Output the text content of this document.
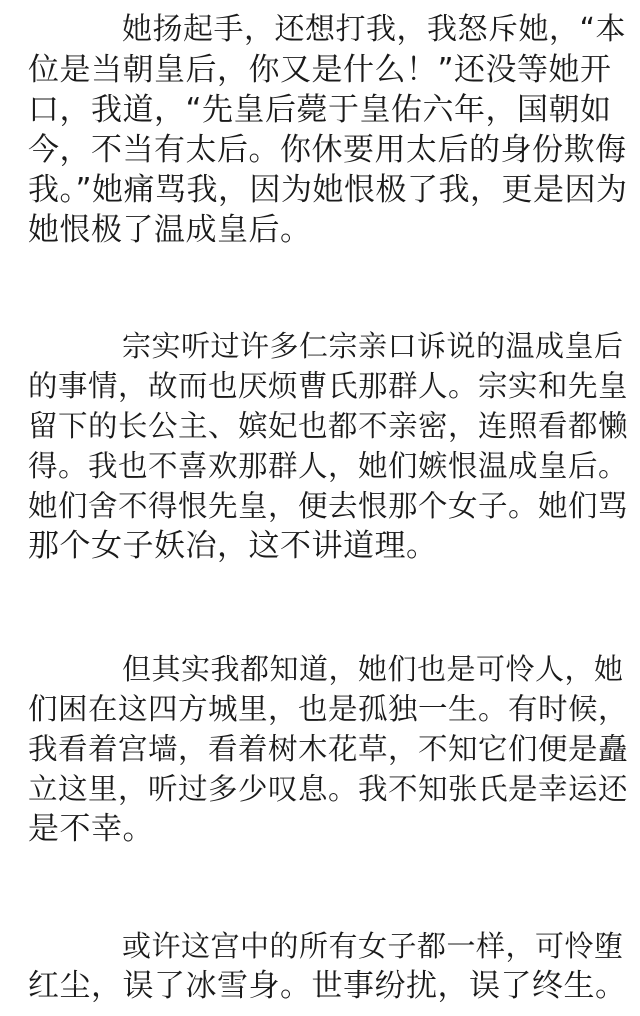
她扬起手，还想打我，我怒斥她，“本
位是当朝皇后，你又是什么！”还没等她开
口，我道，“先皇后薨于皇佑六年，国朝如
今，不当有太后。你休要用太后的身份欺侮
我。”她痛骂我，因为她恨极了我，更是因为
她恨极了温成皇后。

宗实听过许多仁宗亲口诉说的温成皇后
的事情，故而也厌烦曹氏那群人。宗实和先皇
留下的长公主、嫔妃也都不亲密，连照看都懒
得。我也不喜欢那群人，她们嫉恨温成皇后。
她们舍不得恨先皇，便去恨那个女子。她们骂
那个女子妖冶，这不讲道理。

但其实我都知道，她们也是可怜人，她
们困在这四方城里，也是孤独一生。有时候，
我看着宫墙，看着树木花草，不知它们便是矗
立这里，听过多少叹息。我不知张氏是幸运还
是不幸。

或许这宫中的所有女子都一样，可怜堕
红尘，误了冰雪身。世事纷扰，误了终生。
